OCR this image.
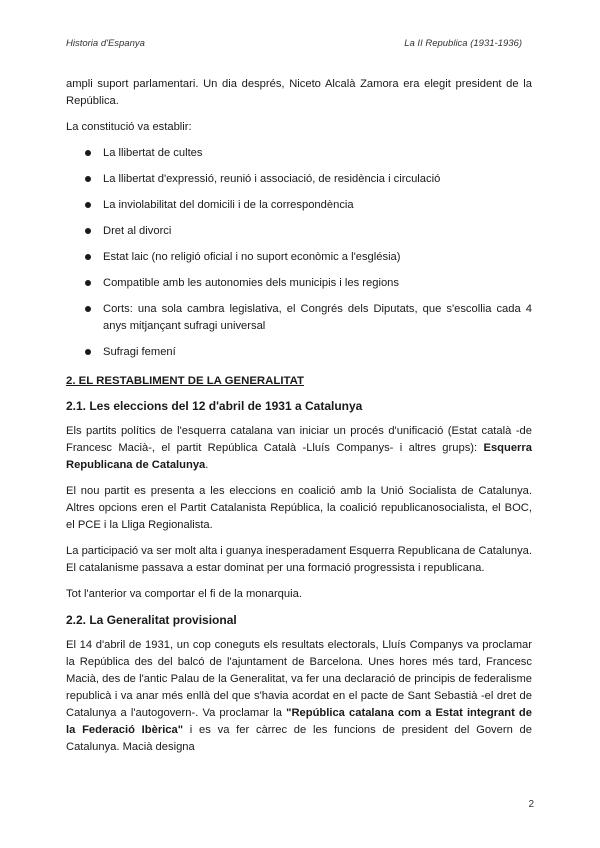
Historia d'Espanya	La II Republica (1931-1936)

ampli suport parlamentari. Un dia després, Niceto Alcalà Zamora era elegit president de la República.

La constitució va establir:

La llibertat de cultes
La llibertat d'expressió, reunió i associació, de residència i circulació
La inviolabilitat del domicili i de la correspondència
Dret al divorci
Estat laic (no religió oficial i no suport econòmic a l'església)
Compatible amb les autonomies dels municipis i les regions
Corts: una sola cambra legislativa, el Congrés dels Diputats, que s'escollia cada 4 anys mitjançant sufragi universal
Sufragi femení
2. EL RESTABLIMENT DE LA GENERALITAT
2.1. Les eleccions del 12 d'abril de 1931 a Catalunya

Els partits polítics de l'esquerra catalana van iniciar un procés d'unificació (Estat català -de Francesc Macià-, el partit República Català -Lluís Companys- i altres grups): Esquerra Republicana de Catalunya.

El nou partit es presenta a les eleccions en coalició amb la Unió Socialista de Catalunya. Altres opcions eren el Partit Catalanista República, la coalició republicanosocialista, el BOC, el PCE i la Lliga Regionalista.

La participació va ser molt alta i guanya inesperadament Esquerra Republicana de Catalunya. El catalanisme passava a estar dominat per una formació progressista i republicana.

Tot l'anterior va comportar el fi de la monarquia.

2.2. La Generalitat provisional

El 14 d'abril de 1931, un cop coneguts els resultats electorals, Lluís Companys va proclamar la República des del balcó de l'ajuntament de Barcelona. Unes hores més tard, Francesc Macià, des de l'antic Palau de la Generalitat, va fer una declaració de principis de federalisme republicà i va anar més enllà del que s'havia acordat en el pacte de Sant Sebastià -el dret de Catalunya a l'autogovern-. Va proclamar la "República catalana com a Estat integrant de la Federació Ibèrica" i es va fer càrrec de les funcions de president del Govern de Catalunya. Macià designa

2
